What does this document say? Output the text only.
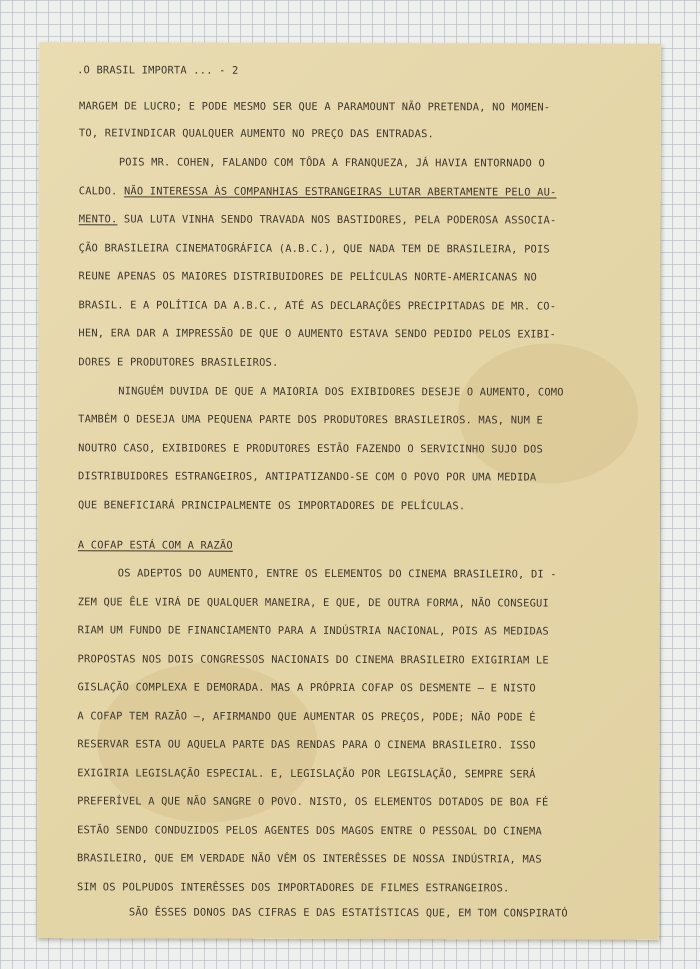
.O BRASIL IMPORTA ... - 2
MARGEM DE LUCRO; E PODE MESMO SER QUE A PARAMOUNT NÃO PRETENDA, NO MOMEN-
TO, REIVINDICAR QUALQUER AUMENTO NO PREÇO DAS ENTRADAS.
POIS MR. COHEN, FALANDO COM TÔDA A FRANQUEZA, JÁ HAVIA ENTORNADO O
CALDO. NÃO INTERESSA ÀS COMPANHIAS ESTRANGEIRAS LUTAR ABERTAMENTE PELO AU-
MENTO. SUA LUTA VINHA SENDO TRAVADA NOS BASTIDORES, PELA PODEROSA ASSOCIA-
ÇÃO BRASILEIRA CINEMATOGRÁFICA (A.B.C.), QUE NADA TEM DE BRASILEIRA, POIS
REUNE APENAS OS MAIORES DISTRIBUIDORES DE PELÍCULAS NORTE-AMERICANAS NO
BRASIL. E A POLÍTICA DA A.B.C., ATÉ AS DECLARAÇÕES PRECIPITADAS DE MR. CO-
HEN, ERA DAR A IMPRESSÃO DE QUE O AUMENTO ESTAVA SENDO PEDIDO PELOS EXIBI-
DORES E PRODUTORES BRASILEIROS.
NINGUÉM DUVIDA DE QUE A MAIORIA DOS EXIBIDORES DESEJE O AUMENTO, COMO
TAMBÉM O DESEJA UMA PEQUENA PARTE DOS PRODUTORES BRASILEIROS. MAS, NUM E
NOUTRO CASO, EXIBIDORES E PRODUTORES ESTÃO FAZENDO O SERVICINHO SUJO DOS
DISTRIBUIDORES ESTRANGEIROS, ANTIPATIZANDO-SE COM O POVO POR UMA MEDIDA
QUE BENEFICIARÁ PRINCIPALMENTE OS IMPORTADORES DE PELÍCULAS.
A COFAP ESTÁ COM A RAZÃO
OS ADEPTOS DO AUMENTO, ENTRE OS ELEMENTOS DO CINEMA BRASILEIRO, DI -
ZEM QUE ÊLE VIRÁ DE QUALQUER MANEIRA, E QUE, DE OUTRA FORMA, NÃO CONSEGUI
RIAM UM FUNDO DE FINANCIAMENTO PARA A INDÚSTRIA NACIONAL, POIS AS MEDIDAS
PROPOSTAS NOS DOIS CONGRESSOS NACIONAIS DO CINEMA BRASILEIRO EXIGIRIAM LE
GISLAÇÃO COMPLEXA E DEMORADA. MAS A PRÓPRIA COFAP OS DESMENTE — E NISTO
A COFAP TEM RAZÃO —, AFIRMANDO QUE AUMENTAR OS PREÇOS, PODE; NÃO PODE É
RESERVAR ESTA OU AQUELA PARTE DAS RENDAS PARA O CINEMA BRASILEIRO. ISSO
EXIGIRIA LEGISLAÇÃO ESPECIAL. E, LEGISLAÇÃO POR LEGISLAÇÃO, SEMPRE SERÁ
PREFERÍVEL A QUE NÃO SANGRE O POVO. NISTO, OS ELEMENTOS DOTADOS DE BOA FÉ
ESTÃO SENDO CONDUZIDOS PELOS AGENTES DOS MAGOS ENTRE O PESSOAL DO CINEMA
BRASILEIRO, QUE EM VERDADE NÃO VÊM OS INTERÊSSES DE NOSSA INDÚSTRIA, MAS
SIM OS POLPUDOS INTERÊSSES DOS IMPORTADORES DE FILMES ESTRANGEIROS.
SÃO ÊSSES DONOS DAS CIFRAS E DAS ESTATÍSTICAS QUE, EM TOM CONSPIRATÓ
